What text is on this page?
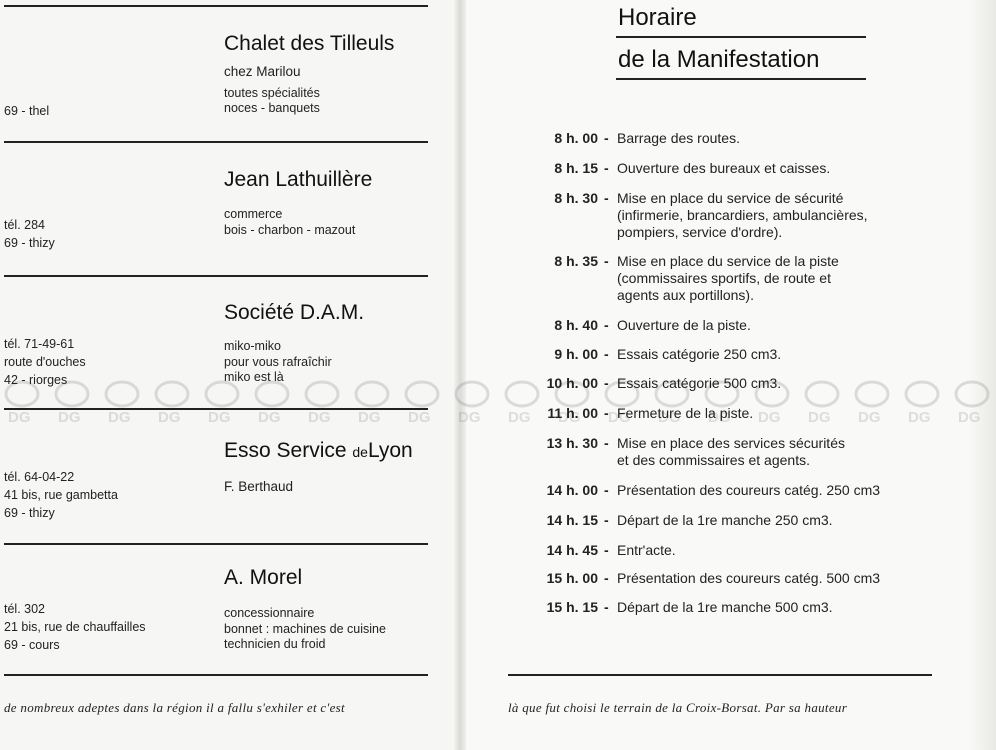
Chalet des Tilleuls
chez Marilou
toutes spécialités
noces - banquets
69 - thel
Jean Lathuillère
commerce
bois - charbon - mazout
tél. 284
69 - thizy
Société D.A.M.
miko-miko
pour vous rafraîchir
miko est là
tél. 71-49-61
route d'ouches
42 - riorges
Esso Service deLyon
F. Berthaud
tél. 64-04-22
41 bis, rue gambetta
69 - thizy
A. Morel
concessionnaire
bonnet : machines de cuisine
technicien du froid
tél. 302
21 bis, rue de chauffailles
69 - cours
de nombreux adeptes dans la région il a fallu s'exhiler et c'est
Horaire
de la Manifestation
8 h. 00 - Barrage des routes.
8 h. 15 - Ouverture des bureaux et caisses.
8 h. 30 - Mise en place du service de sécurité
(infirmerie, brancardiers, ambulancières,
pompiers, service d'ordre).
8 h. 35 - Mise en place du service de la piste
(commissaires sportifs, de route et
agents aux portillons).
8 h. 40 - Ouverture de la piste.
9 h. 00 - Essais catégorie 250 cm3.
10 h. 00 - Essais catégorie 500 cm3.
11 h. 00 - Fermeture de la piste.
13 h. 30 - Mise en place des services sécurités
et des commissaires et agents.
14 h. 00 - Présentation des coureurs catég. 250 cm3
14 h. 15 - Départ de la 1re manche 250 cm3.
14 h. 45 - Entr'acte.
15 h. 00 - Présentation des coureurs catég. 500 cm3
15 h. 15 - Départ de la 1re manche 500 cm3.
là que fut choisi le terrain de la Croix-Borsat. Par sa hauteur
